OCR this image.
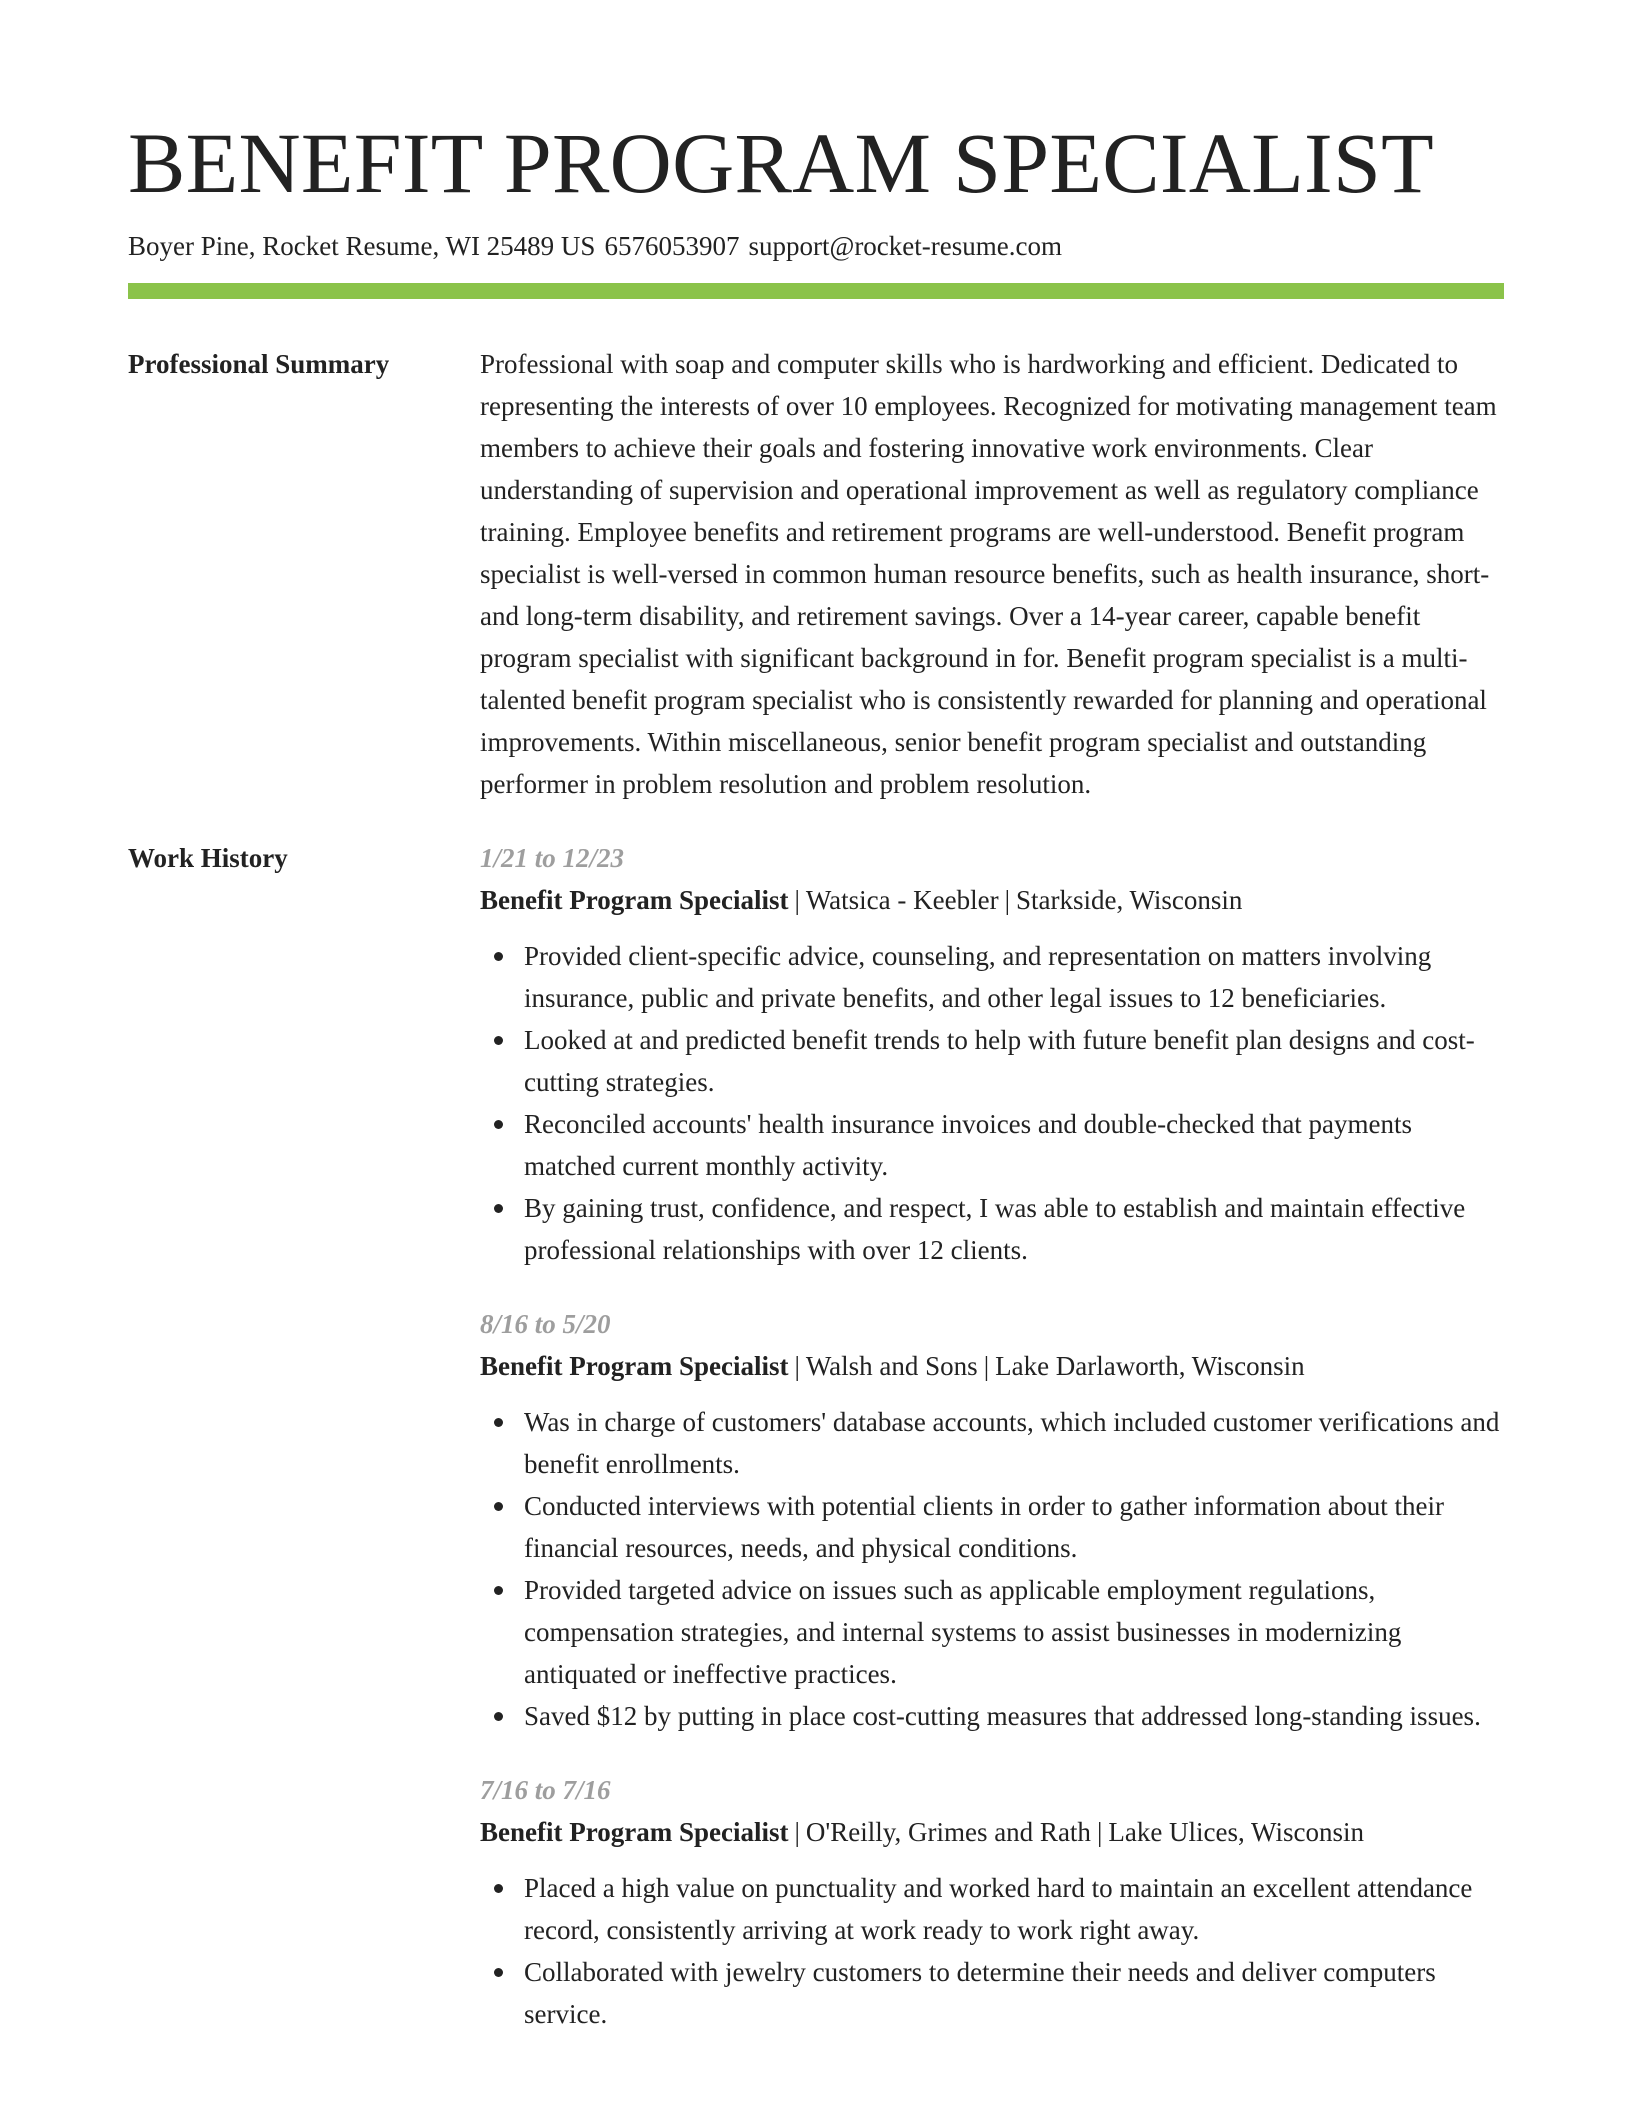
BENEFIT PROGRAM SPECIALIST
Boyer Pine, Rocket Resume, WI 25489 US 6576053907 support@rocket-resume.com
Professional Summary	Professional with soap and computer skills who is hardworking and efficient. Dedicated to representing the interests of over 10 employees. Recognized for motivating management team members to achieve their goals and fostering innovative work environments. Clear understanding of supervision and operational improvement as well as regulatory compliance training. Employee benefits and retirement programs are well-understood. Benefit program specialist is well-versed in common human resource benefits, such as health insurance, short- and long-term disability, and retirement savings. Over a 14-year career, capable benefit program specialist with significant background in for. Benefit program specialist is a multi-talented benefit program specialist who is consistently rewarded for planning and operational improvements. Within miscellaneous, senior benefit program specialist and outstanding performer in problem resolution and problem resolution.

Work History	1/21 to 12/23
Benefit Program Specialist | Watsica - Keebler | Starkside, Wisconsin
Provided client-specific advice, counseling, and representation on matters involving insurance, public and private benefits, and other legal issues to 12 beneficiaries.
Looked at and predicted benefit trends to help with future benefit plan designs and cost-cutting strategies.
Reconciled accounts' health insurance invoices and double-checked that payments matched current monthly activity.
By gaining trust, confidence, and respect, I was able to establish and maintain effective professional relationships with over 12 clients.
8/16 to 5/20
Benefit Program Specialist | Walsh and Sons | Lake Darlaworth, Wisconsin
Was in charge of customers' database accounts, which included customer verifications and benefit enrollments.
Conducted interviews with potential clients in order to gather information about their financial resources, needs, and physical conditions.
Provided targeted advice on issues such as applicable employment regulations, compensation strategies, and internal systems to assist businesses in modernizing antiquated or ineffective practices.
Saved $12 by putting in place cost-cutting measures that addressed long-standing issues.
7/16 to 7/16
Benefit Program Specialist | O'Reilly, Grimes and Rath | Lake Ulices, Wisconsin
Placed a high value on punctuality and worked hard to maintain an excellent attendance record, consistently arriving at work ready to work right away.
Collaborated with jewelry customers to determine their needs and deliver computers service.
